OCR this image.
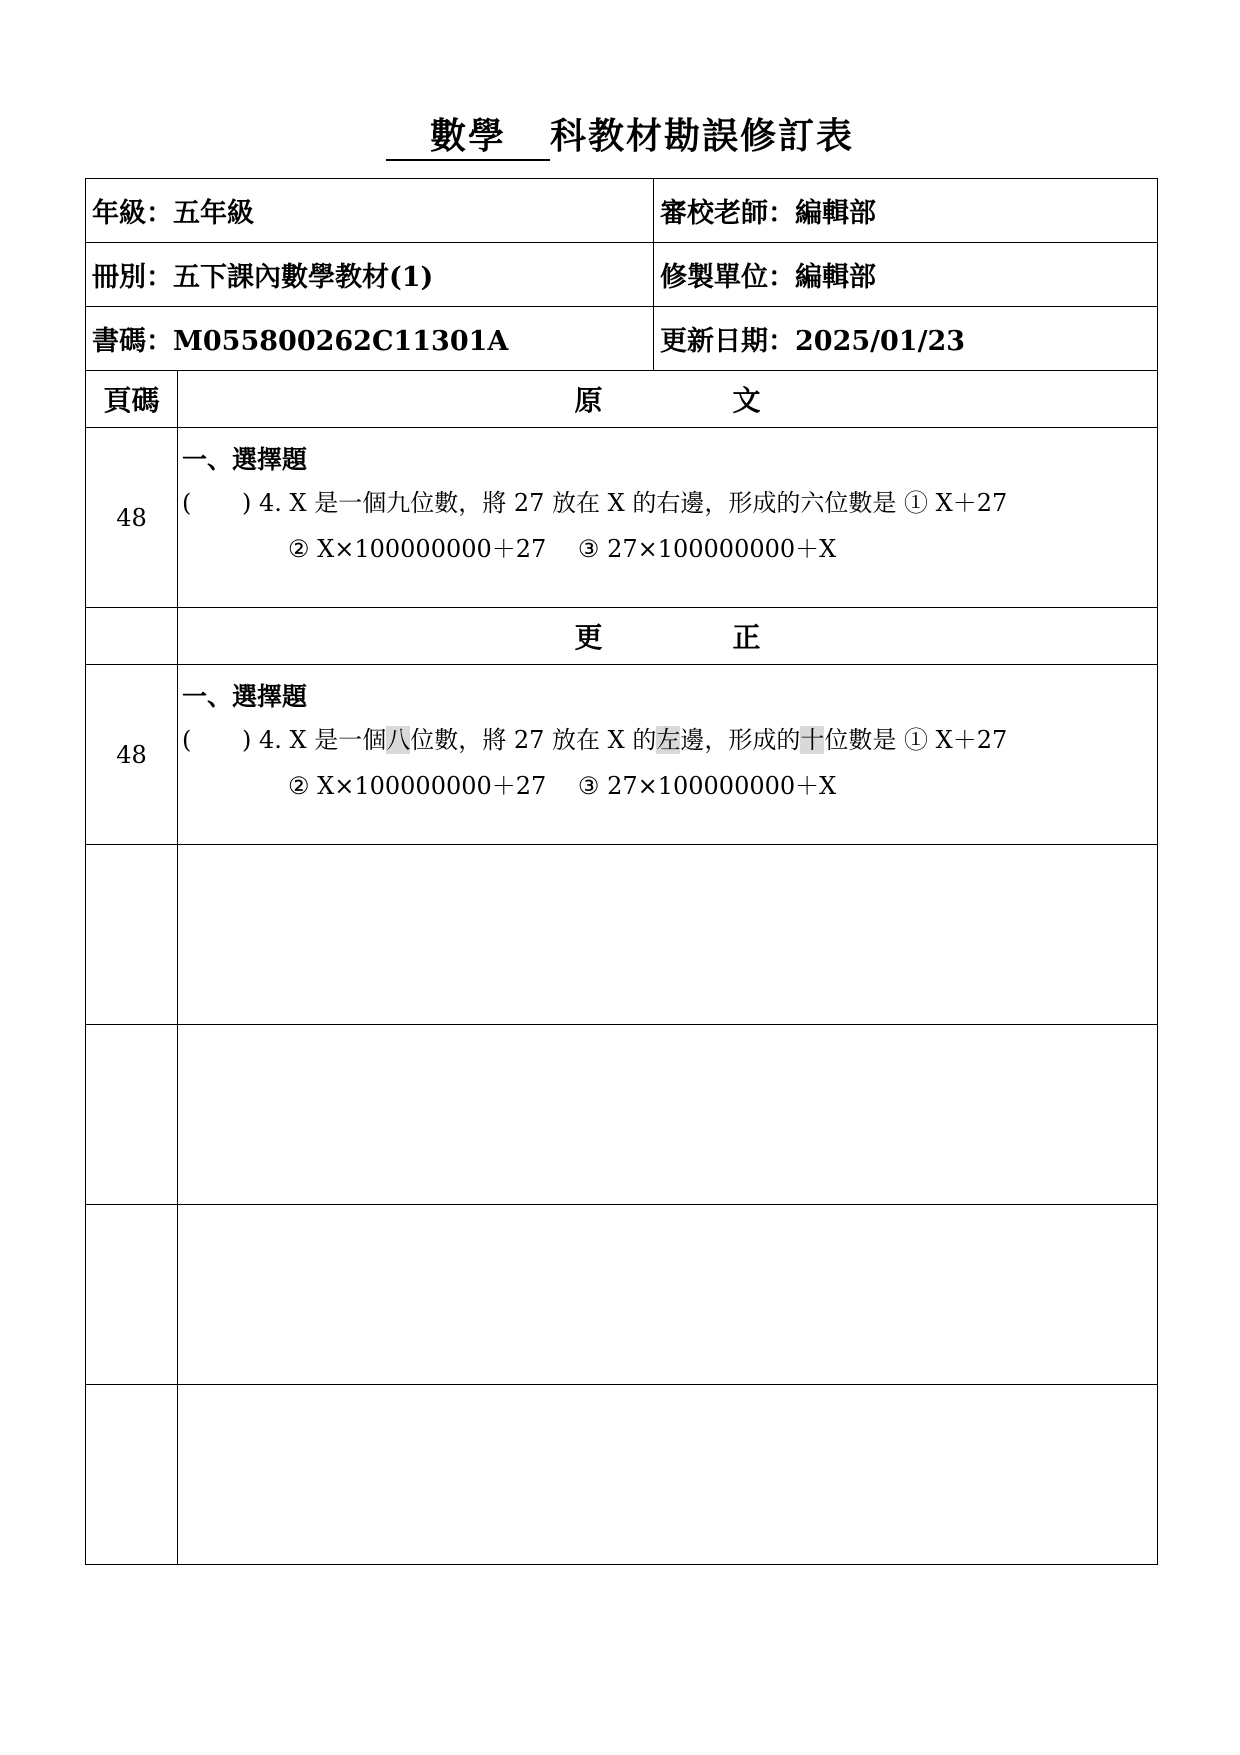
數學 科教材勘誤修訂表
年級：五年級		審校老師：編輯部
冊別：五下課內數學教材(1)		修製單位：編輯部
書碼：M055800262C11301A		更新日期：2025/01/23
頁碼	原 文	
48	一、選擇題
( ) 4. X 是一個九位數，將 27 放在 X 的右邊，形成的六位數是 ① X＋27
② X×100000000＋27　 ③ 27×100000000＋X	

	更 正	
48	一、選擇題
( ) 4. X 是一個八位數，將 27 放在 X 的左邊，形成的十位數是 ① X＋27
② X×100000000＋27　 ③ 27×100000000＋X	
